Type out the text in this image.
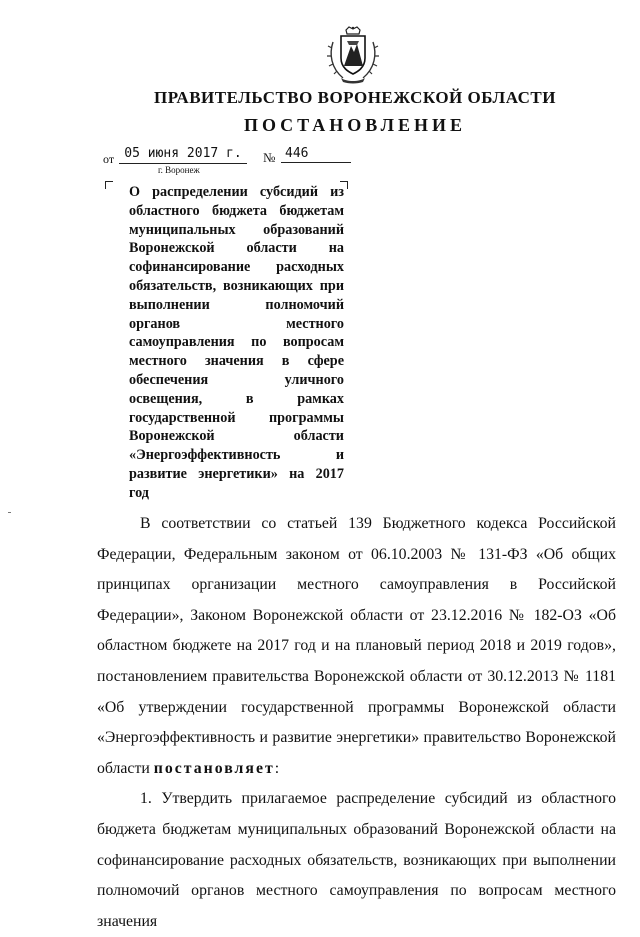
ПРАВИТЕЛЬСТВО ВОРОНЕЖСКОЙ ОБЛАСТИ
ПОСТАНОВЛЕНИЕ
от 05 июня 2017 г.	№ 446
г. Воронеж
О распределении субсидий из областного бюджета бюджетам муниципальных образований Воронежской области на софинансирование расходных обязательств, возникающих при выполнении полномочий органов местного самоуправления по вопросам местного значения в сфере обеспечения уличного освещения, в рамках государственной программы Воронежской области «Энергоэффективность и развитие энергетики» на 2017 год

В соответствии со статьей 139 Бюджетного кодекса Российской Федерации, Федеральным законом от 06.10.2003 № 131-ФЗ «Об общих принципах организации местного самоуправления в Российской Федерации», Законом Воронежской области от 23.12.2016 № 182-ОЗ «Об областном бюджете на 2017 год и на плановый период 2018 и 2019 годов», постановлением правительства Воронежской области от 30.12.2013 № 1181 «Об утверждении государственной программы Воронежской области «Энергоэффективность и развитие энергетики» правительство Воронежской области постановляет:

1. Утвердить прилагаемое распределение субсидий из областного бюджета бюджетам муниципальных образований Воронежской области на софинансирование расходных обязательств, возникающих при выполнении полномочий органов местного самоуправления по вопросам местного значения
